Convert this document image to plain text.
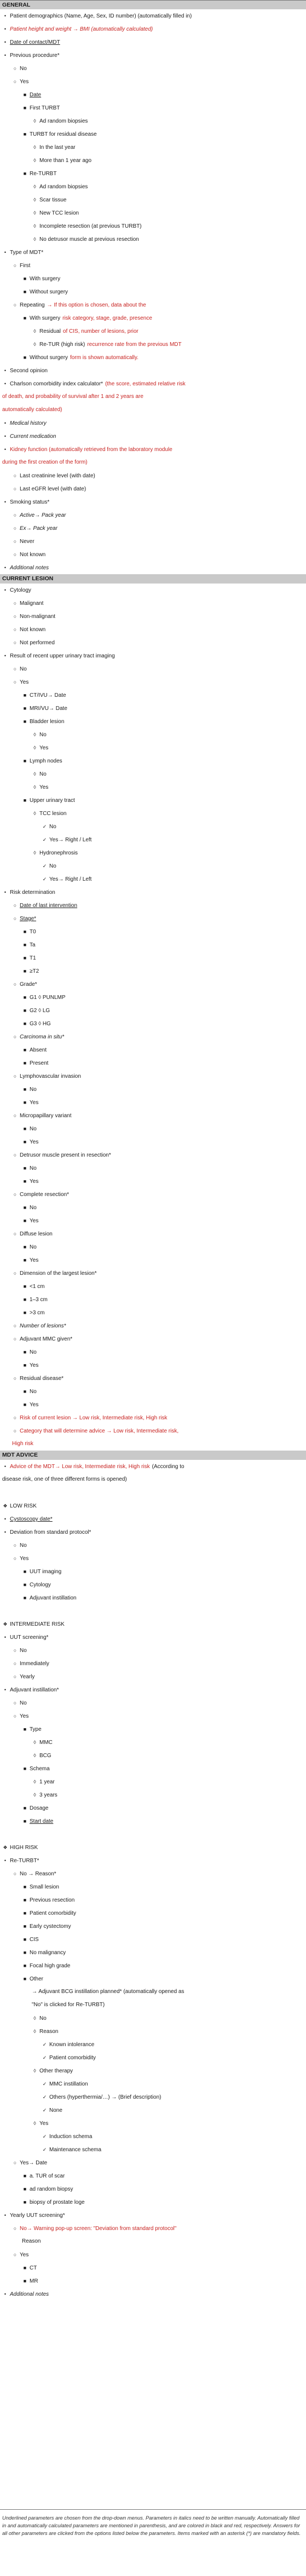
GENERAL
• Patient demographics (Name, Age, Sex, ID number) (automatically filled in)
• Patient height and weight → BMI (automatically calculated)
• Date of contact/MDT
• Previous procedure*
○ No
○ Yes
■ Date
■ First TURBT
◊ Ad random biopsies
■ TURBT for residual disease
◊ In the last year
◊ More than 1 year ago
■ Re-TURBT
◊ Ad random biopsies
◊ Scar tissue
◊ New TCC lesion
◊ Incomplete resection (at previous TURBT)
◊ No detrusor muscle at previous resection
• Type of MDT*
○ First
■ With surgery
■ Without surgery
○ Repeating → If this option is chosen, data about the
■ With surgery risk category, stage, grade, presence
◊ Residual of CIS, number of lesions, prior
◊ Re-TUR (high risk) recurrence rate from the previous MDT
■ Without surgery form is shown automatically.
• Second opinion
• Charlson comorbidity index calculator* (the score, estimated relative risk
of death, and probability of survival after 1 and 2 years are
automatically calculated)
• Medical history
• Current medication
• Kidney function (automatically retrieved from the laboratory module
during the first creation of the form)
○ Last creatinine level (with date)
○ Last eGFR level (with date)
• Smoking status*
○ Active→ Pack year
○ Ex→ Pack year
○ Never
○ Not known
• Additional notes
CURRENT LESION
• Cytology
○ Malignant
○ Non-malignant
○ Not known
○ Not performed
• Result of recent upper urinary tract imaging
○ No
○ Yes
■ CT/IVU→ Date
■ MRI/VU→ Date
■ Bladder lesion
◊ No
◊ Yes
■ Lymph nodes
◊ No
◊ Yes
■ Upper urinary tract
◊ TCC lesion
✓ No
✓ Yes→ Right / Left
◊ Hydronephrosis
✓ No
✓ Yes→ Right / Left
• Risk determination
○ Date of last intervention
○ Stage*
■ T0
■ Ta
■ T1
■ ≥T2
○ Grade*
■ G1 ◊ PUNLMP
■ G2 ◊ LG
■ G3 ◊ HG
○ Carcinoma in situ*
■ Absent
■ Present
○ Lymphovascular invasion
■ No
■ Yes
○ Micropapillary variant
■ No
■ Yes
○ Detrusor muscle present in resection*
■ No
■ Yes
○ Complete resection*
■ No
■ Yes
○ Diffuse lesion
■ No
■ Yes
○ Dimension of the largest lesion*
■ <1 cm
■ 1–3 cm
■ >3 cm
○ Number of lesions*
○ Adjuvant MMC given*
■ No
■ Yes
○ Residual disease*
■ No
■ Yes
○ Risk of current lesion → Low risk, Intermediate risk, High risk
○ Category that will determine advice → Low risk, Intermediate risk,
High risk
MDT ADVICE
• Advice of the MDT→ Low risk, Intermediate risk, High risk (According to
disease risk, one of three different forms is opened)
❖ LOW RISK
• Cystoscopy date*
• Deviation from standard protocol*
○ No
○ Yes
■ UUT imaging
■ Cytology
■ Adjuvant instillation
❖ INTERMEDIATE RISK
• UUT screening*
○ No
○ Immediately
○ Yearly
• Adjuvant instillation*
○ No
○ Yes
■ Type
◊ MMC
◊ BCG
■ Schema
◊ 1 year
◊ 3 years
■ Dosage
■ Start date
❖ HIGH RISK
• Re-TURBT*
○ No → Reason*
■ Small lesion
■ Previous resection
■ Patient comorbidity
■ Early cystectomy
■ CIS
■ No malignancy
■ Focal high grade
■ Other
→ Adjuvant BCG instillation planned* (automatically opened as
"No" is clicked for Re-TURBT)
◊ No
◊ Reason
✓ Known intolerance
✓ Patient comorbidity
◊ Other therapy
✓ MMC instillation
✓ Others (hyperthermia/…) → (Brief description)
✓ None
◊ Yes
✓ Induction schema
✓ Maintenance schema
○ Yes→ Date
■ a. TUR of scar
■ ad random biopsy
■ biopsy of prostate loge
• Yearly UUT screening*
○ No→ Warning pop-up screen: "Deviation from standard protocol"
Reason
○ Yes
■ CT
■ MR
• Additional notes
Underlined parameters are chosen from the drop-down menus. Parameters in italics need to be written manually. Automatically filled in and automatically calculated parameters are mentioned in parenthesis, and are colored in black and red, respectively. Answers for all other parameters are clicked from the options listed below the parameters. Items marked with an asterisk (*) are mandatory fields.
